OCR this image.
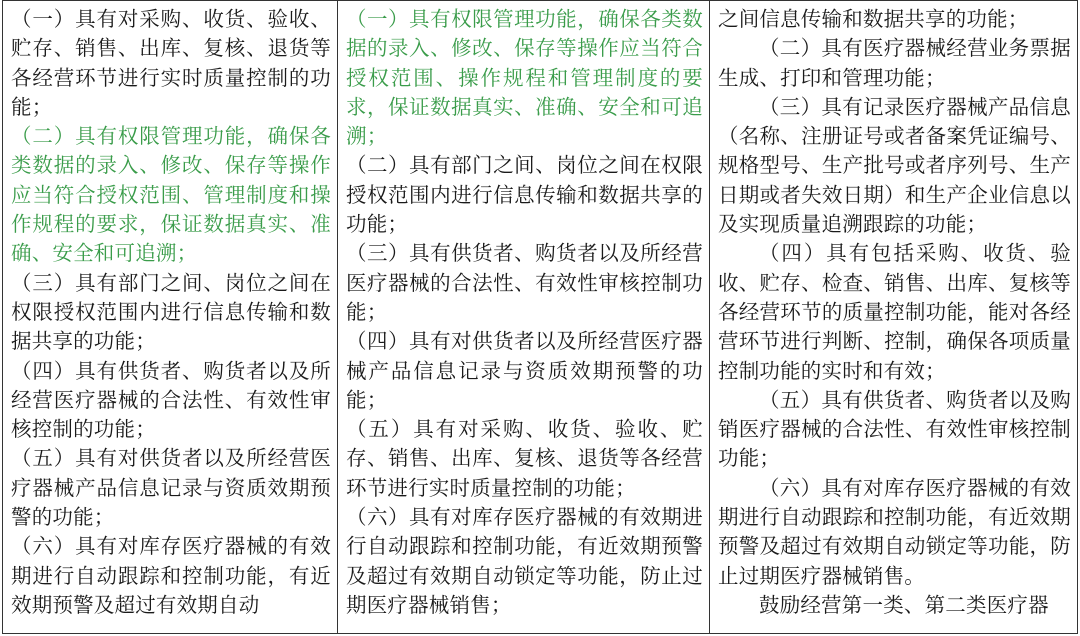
（一）具有对采购、收货、验收、贮存、销售、出库、复核、退货等各经营环节进行实时质量控制的功能；

（二）具有权限管理功能，确保各类数据的录入、修改、保存等操作应当符合授权范围、管理制度和操作规程的要求，保证数据真实、准确、安全和可追溯；

（三）具有部门之间、岗位之间在权限授权范围内进行信息传输和数据共享的功能；

（四）具有供货者、购货者以及所经营医疗器械的合法性、有效性审核控制的功能；

（五）具有对供货者以及所经营医疗器械产品信息记录与资质效期预警的功能；

（六）具有对库存医疗器械的有效期进行自动跟踪和控制功能，有近效期预警及超过有效期自动

（一）具有权限管理功能，确保各类数据的录入、修改、保存等操作应当符合授权范围、操作规程和管理制度的要求，保证数据真实、准确、安全和可追溯；

（二）具有部门之间、岗位之间在权限授权范围内进行信息传输和数据共享的功能；

（三）具有供货者、购货者以及所经营医疗器械的合法性、有效性审核控制功能；

（四）具有对供货者以及所经营医疗器械产品信息记录与资质效期预警的功能；

（五）具有对采购、收货、验收、贮存、销售、出库、复核、退货等各经营环节进行实时质量控制的功能；

（六）具有对库存医疗器械的有效期进行自动跟踪和控制功能，有近效期预警及超过有效期自动锁定等功能，防止过期医疗器械销售；

之间信息传输和数据共享的功能；

（二）具有医疗器械经营业务票据生成、打印和管理功能；

（三）具有记录医疗器械产品信息（名称、注册证号或者备案凭证编号、规格型号、生产批号或者序列号、生产日期或者失效日期）和生产企业信息以及实现质量追溯跟踪的功能；

（四）具有包括采购、收货、验收、贮存、检查、销售、出库、复核等各经营环节的质量控制功能，能对各经营环节进行判断、控制，确保各项质量控制功能的实时和有效；

（五）具有供货者、购货者以及购销医疗器械的合法性、有效性审核控制功能；

（六）具有对库存医疗器械的有效期进行自动跟踪和控制功能，有近效期预警及超过有效期自动锁定等功能，防止过期医疗器械销售。

鼓励经营第一类、第二类医疗器
